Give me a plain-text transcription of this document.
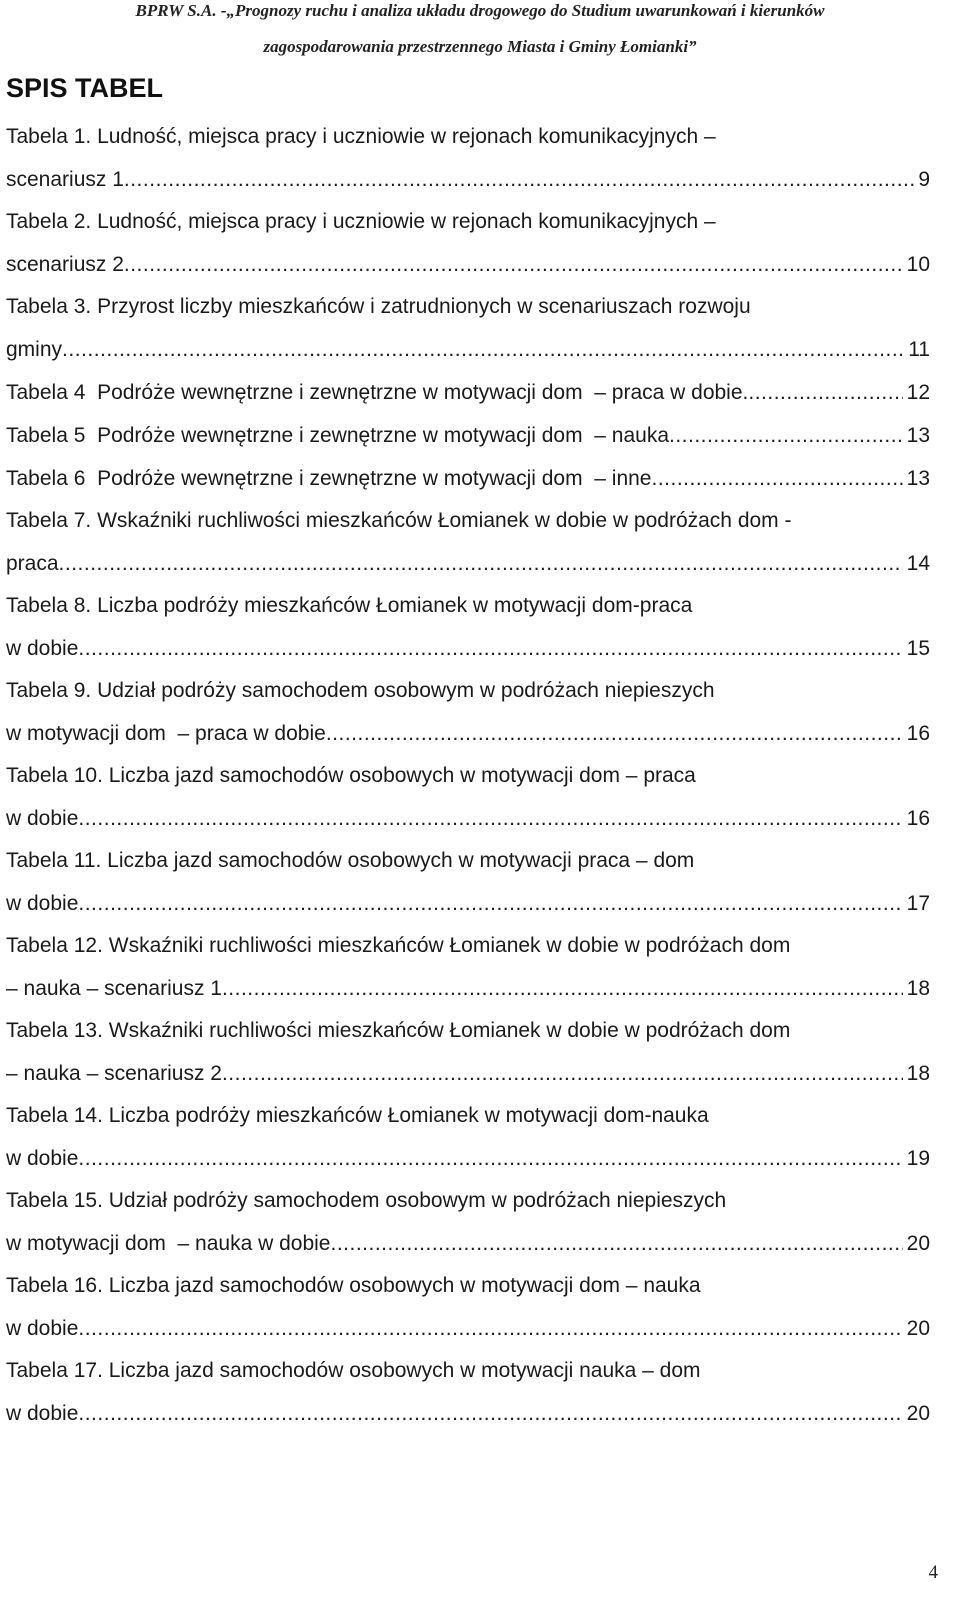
BPRW S.A. -„Prognozy ruchu i analiza układu drogowego do Studium uwarunkowań i kierunków
zagospodarowania przestrzennego Miasta i Gminy Łomianki”
SPIS TABEL
Tabela 1. Ludność, miejsca pracy i uczniowie w rejonach komunikacyjnych –
scenariusz 1 .....	9
Tabela 2. Ludność, miejsca pracy i uczniowie w rejonach komunikacyjnych –
scenariusz 2 .....	10
Tabela 3. Przyrost liczby mieszkańców i zatrudnionych w scenariuszach rozwoju
gminy .....	11
Tabela 4  Podróże wewnętrzne i zewnętrzne w motywacji dom  – praca w dobie. .....	12
Tabela 5  Podróże wewnętrzne i zewnętrzne w motywacji dom  – nauka .....	13
Tabela 6  Podróże wewnętrzne i zewnętrzne w motywacji dom  – inne .....	13
Tabela 7. Wskaźniki ruchliwości mieszkańców Łomianek w dobie w podróżach dom -
praca .....	14
Tabela 8. Liczba podróży mieszkańców Łomianek w motywacji dom-praca
w dobie .....	15
Tabela 9. Udział podróży samochodem osobowym w podróżach niepieszych
w motywacji dom  – praca w dobie .....	16
Tabela 10. Liczba jazd samochodów osobowych w motywacji dom – praca
w dobie .....	16
Tabela 11. Liczba jazd samochodów osobowych w motywacji praca – dom
w dobie .....	17
Tabela 12. Wskaźniki ruchliwości mieszkańców Łomianek w dobie w podróżach dom
– nauka – scenariusz 1 .....	18
Tabela 13. Wskaźniki ruchliwości mieszkańców Łomianek w dobie w podróżach dom
– nauka – scenariusz 2 .....	18
Tabela 14. Liczba podróży mieszkańców Łomianek w motywacji dom-nauka
w dobie .....	19
Tabela 15. Udział podróży samochodem osobowym w podróżach niepieszych
w motywacji dom  – nauka w dobie .....	20
Tabela 16. Liczba jazd samochodów osobowych w motywacji dom – nauka
w dobie .....	20
Tabela 17. Liczba jazd samochodów osobowych w motywacji nauka – dom
w dobie .....	20
4
